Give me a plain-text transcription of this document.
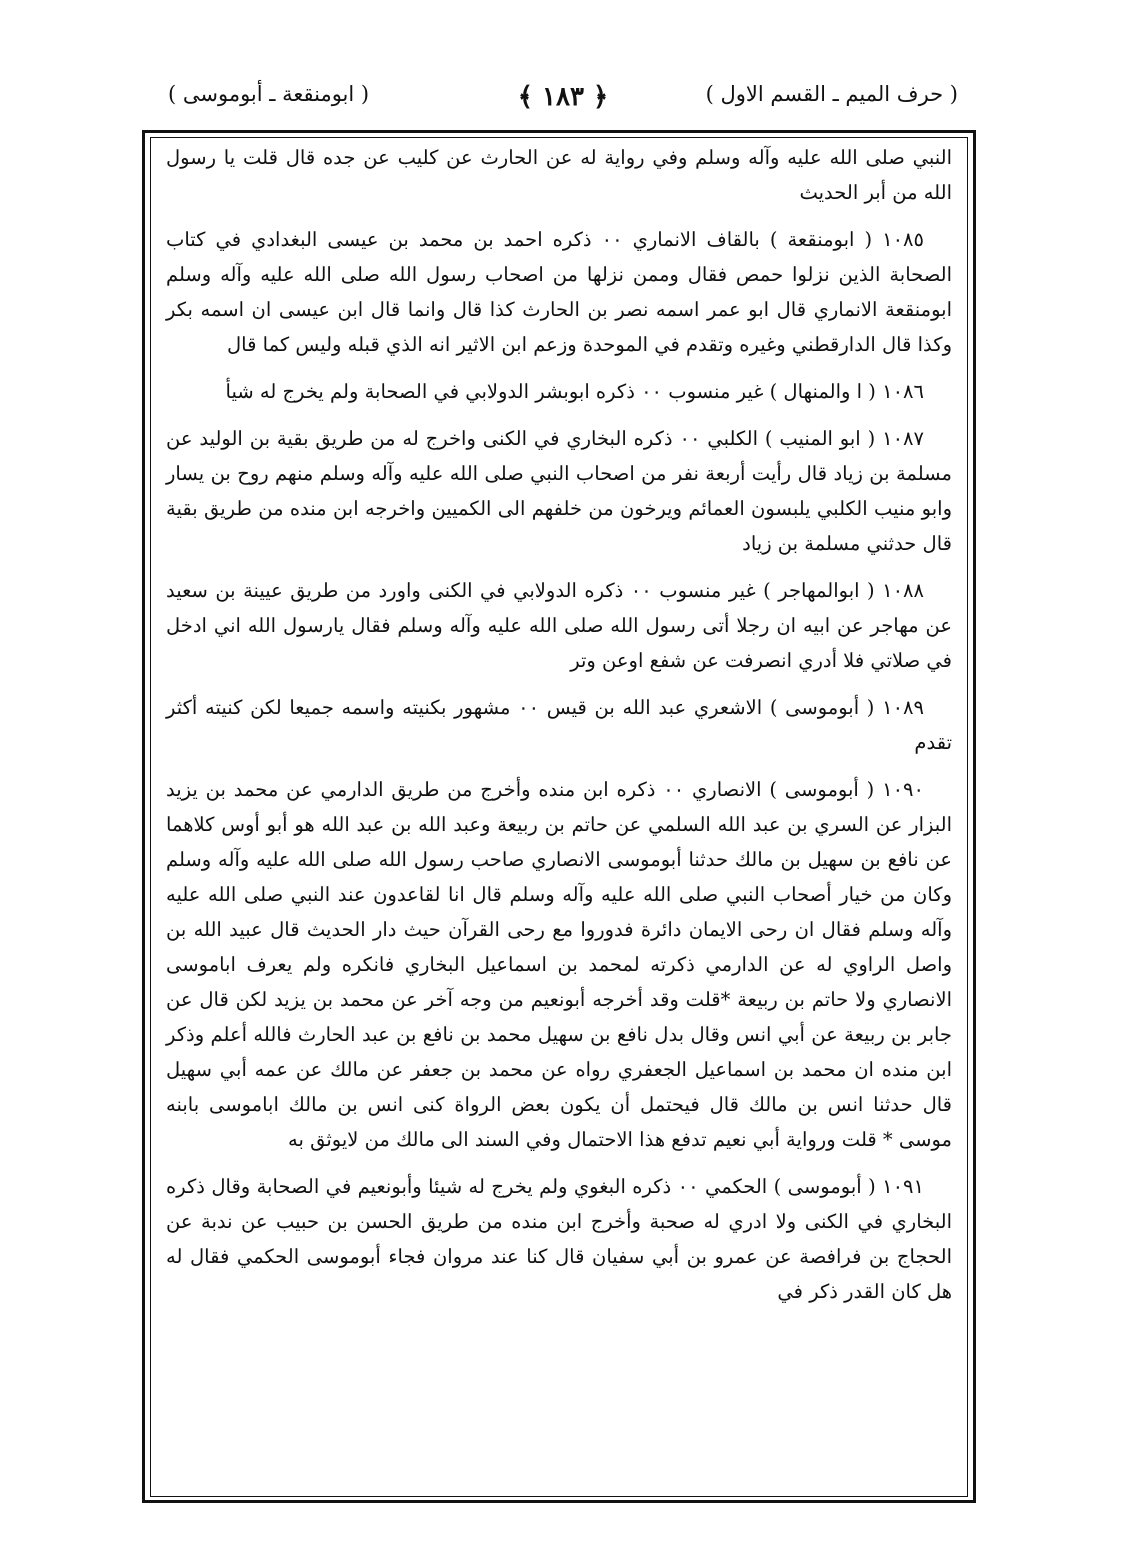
( حرف الميم ـ القسم الاول )
﴿ ١٨٣ ﴾
( ابومنقعة ـ أبوموسى )

النبي صلى الله عليه وآله وسلم وفي رواية له عن الحارث عن كليب عن جده قال قلت يا رسول الله من أبر الحديث

١٠٨٥ ( ابومنقعة ) بالقاف الانماري ٠٠ ذكره احمد بن محمد بن عيسى البغدادي في كتاب الصحابة الذين نزلوا حمص فقال وممن نزلها من اصحاب رسول الله صلى الله عليه وآله وسلم ابومنقعة الانماري قال ابو عمر اسمه نصر بن الحارث كذا قال وانما قال ابن عيسى ان اسمه بكر وكذا قال الدارقطني وغيره وتقدم في الموحدة وزعم ابن الاثير انه الذي قبله وليس كما قال

١٠٨٦ ( ا والمنهال ) غير منسوب ٠٠ ذكره ابوبشر الدولابي في الصحابة ولم يخرج له شيأ

١٠٨٧ ( ابو المنيب ) الكلبي ٠٠ ذكره البخاري في الكنى واخرج له من طريق بقية بن الوليد عن مسلمة بن زياد قال رأيت أربعة نفر من اصحاب النبي صلى الله عليه وآله وسلم منهم روح بن يسار وابو منيب الكلبي يلبسون العمائم ويرخون من خلفهم الى الكميين واخرجه ابن منده من طريق بقية قال حدثني مسلمة بن زياد

١٠٨٨ ( ابوالمهاجر ) غير منسوب ٠٠ ذكره الدولابي في الكنى واورد من طريق عيينة بن سعيد عن مهاجر عن ابيه ان رجلا أتى رسول الله صلى الله عليه وآله وسلم فقال يارسول الله اني ادخل في صلاتي فلا أدري انصرفت عن شفع اوعن وتر

١٠٨٩ ( أبوموسى ) الاشعري عبد الله بن قيس ٠٠ مشهور بكنيته واسمه جميعا لكن كنيته أكثر تقدم

١٠٩٠ ( أبوموسى ) الانصاري ٠٠ ذكره ابن منده وأخرج من طريق الدارمي عن محمد بن يزيد البزار عن السري بن عبد الله السلمي عن حاتم بن ربيعة وعبد الله بن عبد الله هو أبو أوس كلاهما عن نافع بن سهيل بن مالك حدثنا أبوموسى الانصاري صاحب رسول الله صلى الله عليه وآله وسلم وكان من خيار أصحاب النبي صلى الله عليه وآله وسلم قال انا لقاعدون عند النبي صلى الله عليه وآله وسلم فقال ان رحى الايمان دائرة فدوروا مع رحى القرآن حيث دار الحديث قال عبيد الله بن واصل الراوي له عن الدارمي ذكرته لمحمد بن اسماعيل البخاري فانكره ولم يعرف اباموسى الانصاري ولا حاتم بن ربيعة *قلت وقد أخرجه أبونعيم من وجه آخر عن محمد بن يزيد لكن قال عن جابر بن ربيعة عن أبي انس وقال بدل نافع بن سهيل محمد بن نافع بن عبد الحارث فالله أعلم وذكر ابن منده ان محمد بن اسماعيل الجعفري رواه عن محمد بن جعفر عن مالك عن عمه أبي سهيل قال حدثنا انس بن مالك قال فيحتمل أن يكون بعض الرواة كنى انس بن مالك اباموسى بابنه موسى * قلت ورواية أبي نعيم تدفع هذا الاحتمال وفي السند الى مالك من لايوثق به

١٠٩١ ( أبوموسى ) الحكمي ٠٠ ذكره البغوي ولم يخرج له شيئا وأبونعيم في الصحابة وقال ذكره البخاري في الكنى ولا ادري له صحبة وأخرج ابن منده من طريق الحسن بن حبيب عن ندبة عن الحجاج بن فرافصة عن عمرو بن أبي سفيان قال كنا عند مروان فجاء أبوموسى الحكمي فقال له هل كان القدر ذكر في
